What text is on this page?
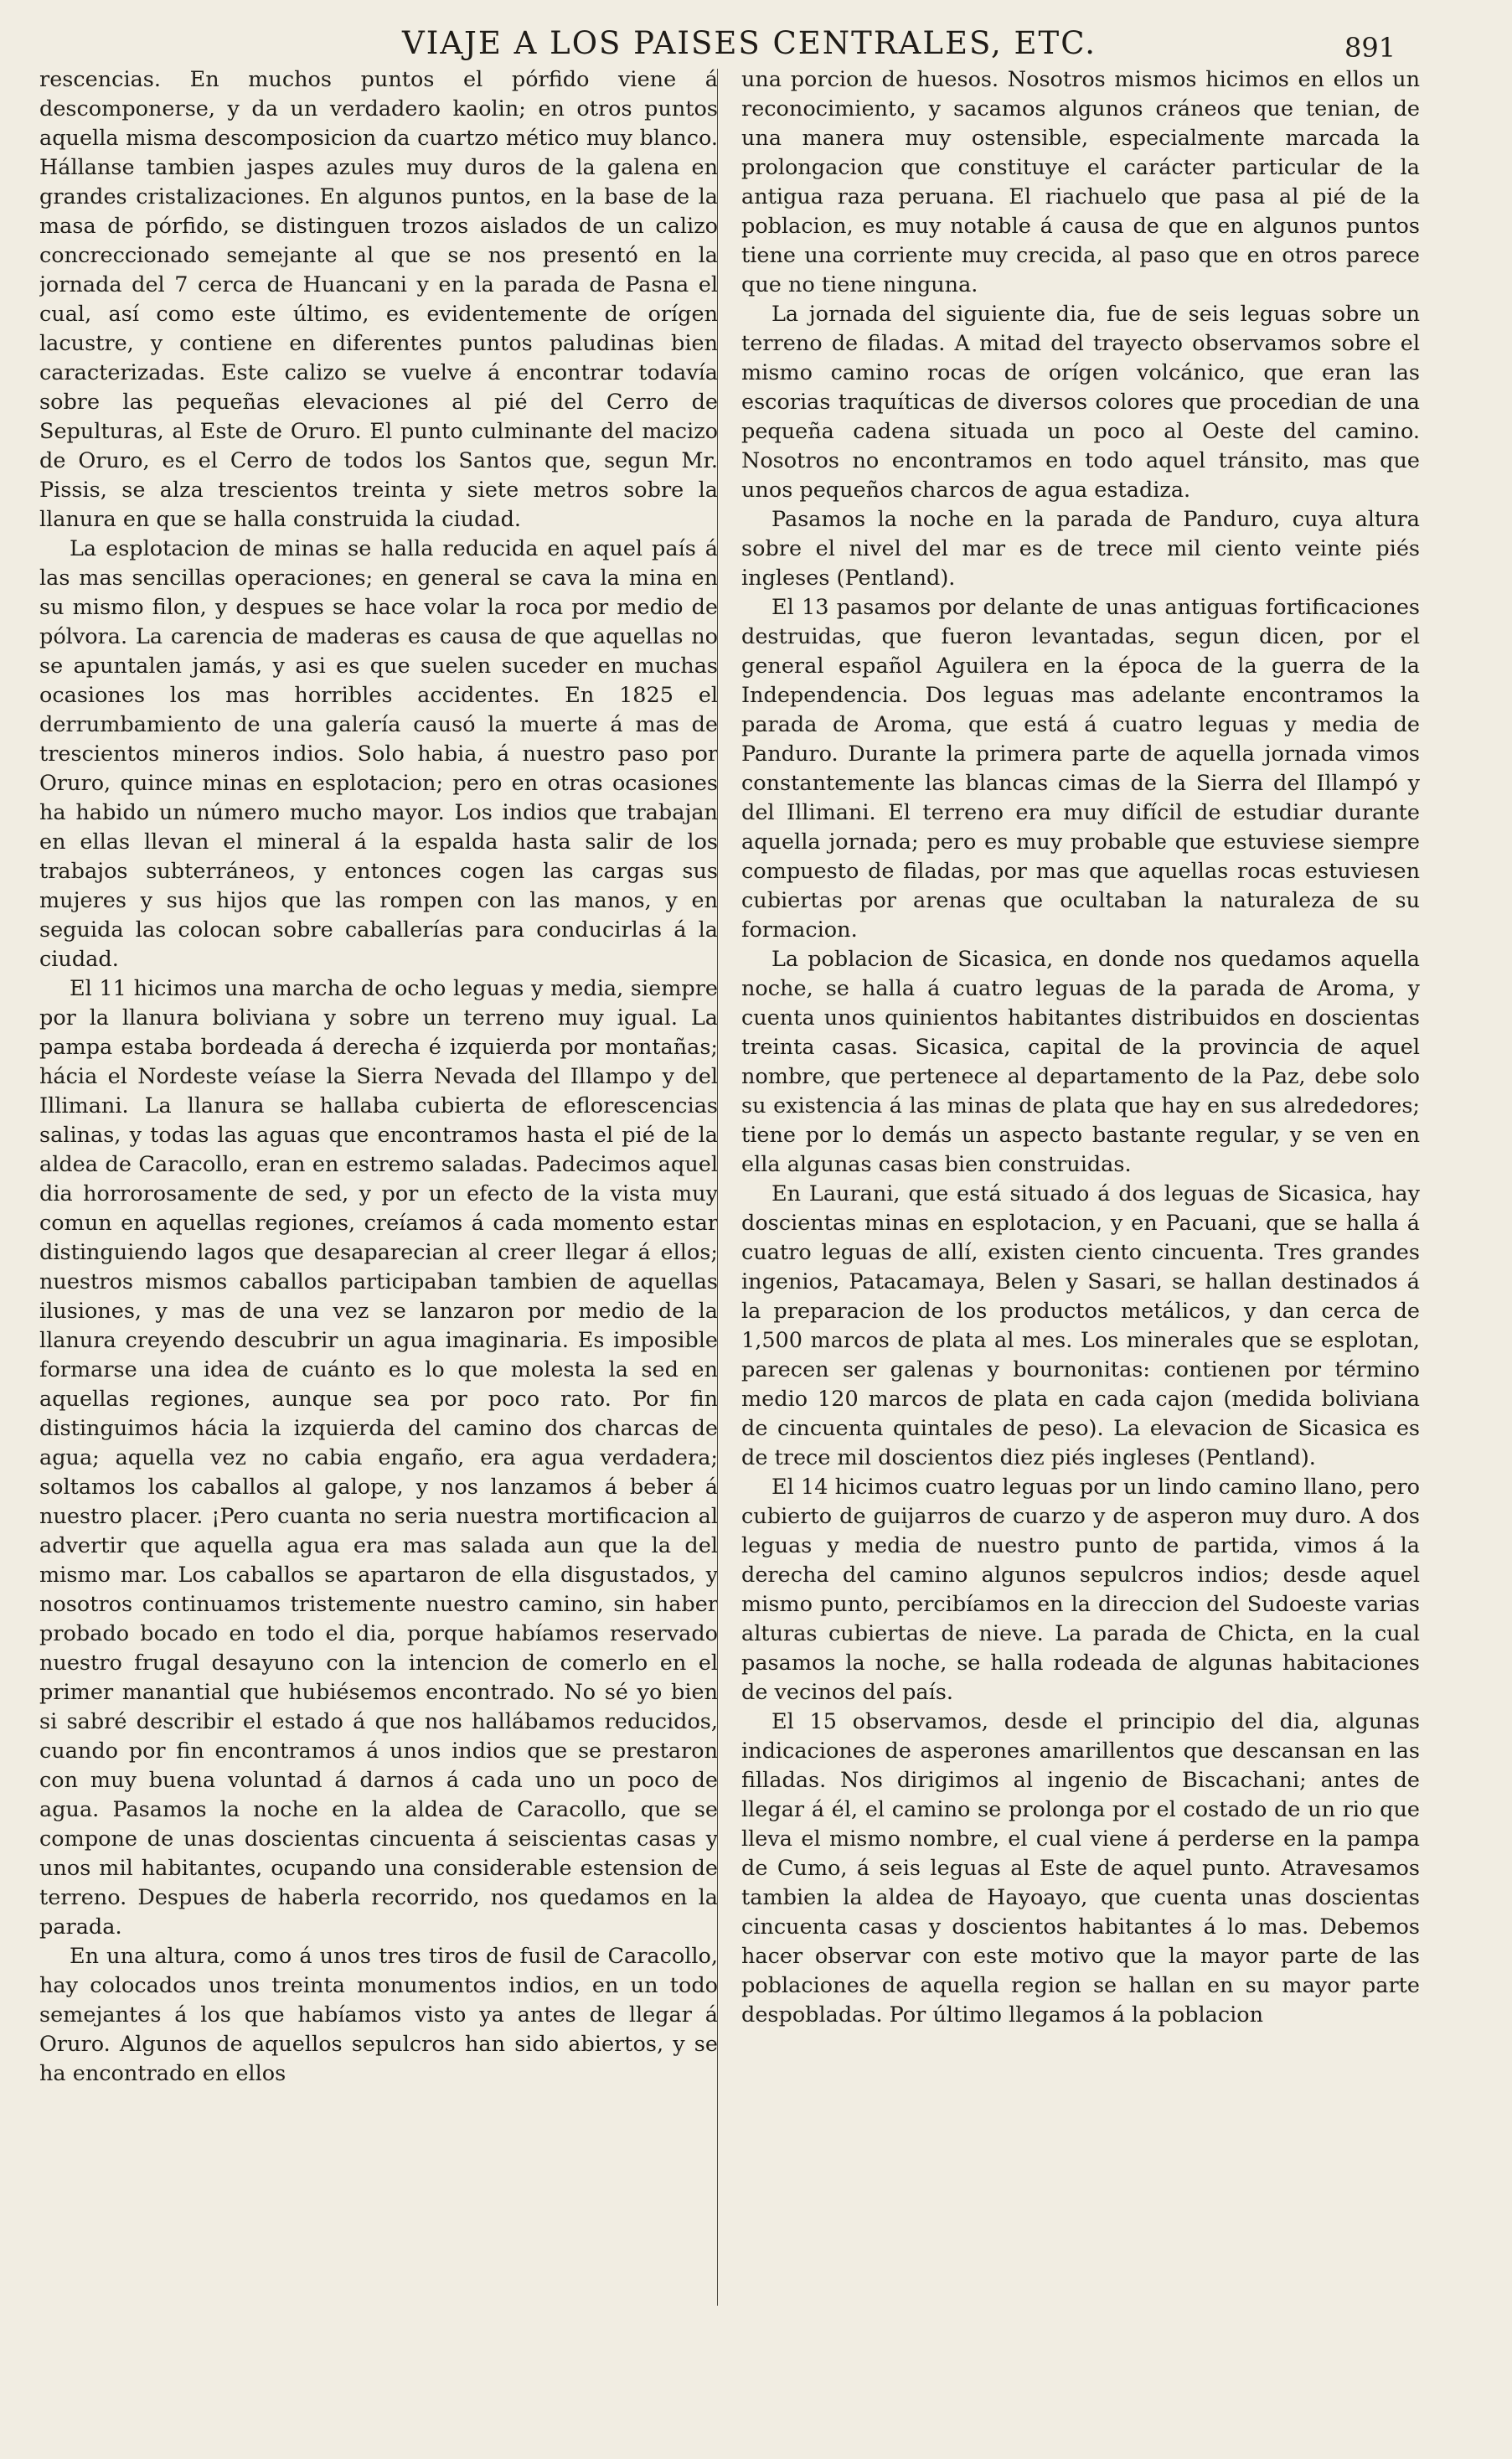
VIAJE A LOS PAISES CENTRALES, ETC.	891

rescencias. En muchos puntos el pórfido viene á descomponerse, y da un verdadero kaolin; en otros puntos aquella misma descomposicion da cuartzo mético muy blanco. Hállanse tambien jaspes azules muy duros de la galena en grandes cristalizaciones. En algunos puntos, en la base de la masa de pórfido, se distinguen trozos aislados de un calizo concreccionado semejante al que se nos presentó en la jornada del 7 cerca de Huancani y en la parada de Pasna el cual, así como este último, es evidentemente de orígen lacustre, y contiene en diferentes puntos paludinas bien caracterizadas. Este calizo se vuelve á encontrar todavía sobre las pequeñas elevaciones al pié del Cerro de Sepulturas, al Este de Oruro. El punto culminante del macizo de Oruro, es el Cerro de todos los Santos que, segun Mr. Pissis, se alza trescientos treinta y siete metros sobre la llanura en que se halla construida la ciudad.

La esplotacion de minas se halla reducida en aquel país á las mas sencillas operaciones; en general se cava la mina en su mismo filon, y despues se hace volar la roca por medio de pólvora. La carencia de maderas es causa de que aquellas no se apuntalen jamás, y asi es que suelen suceder en muchas ocasiones los mas horribles accidentes. En 1825 el derrumbamiento de una galería causó la muerte á mas de trescientos mineros indios. Solo habia, á nuestro paso por Oruro, quince minas en esplotacion; pero en otras ocasiones ha habido un número mucho mayor. Los indios que trabajan en ellas llevan el mineral á la espalda hasta salir de los trabajos subterráneos, y entonces cogen las cargas sus mujeres y sus hijos que las rompen con las manos, y en seguida las colocan sobre caballerías para conducirlas á la ciudad.

El 11 hicimos una marcha de ocho leguas y media, siempre por la llanura boliviana y sobre un terreno muy igual. La pampa estaba bordeada á derecha é izquierda por montañas; hácia el Nordeste veíase la Sierra Nevada del Illampo y del Illimani. La llanura se hallaba cubierta de eflorescencias salinas, y todas las aguas que encontramos hasta el pié de la aldea de Caracollo, eran en estremo saladas. Padecimos aquel dia horrorosamente de sed, y por un efecto de la vista muy comun en aquellas regiones, creíamos á cada momento estar distinguiendo lagos que desaparecian al creer llegar á ellos; nuestros mismos caballos participaban tambien de aquellas ilusiones, y mas de una vez se lanzaron por medio de la llanura creyendo descubrir un agua imaginaria. Es imposible formarse una idea de cuánto es lo que molesta la sed en aquellas regiones, aunque sea por poco rato. Por fin distinguimos hácia la izquierda del camino dos charcas de agua; aquella vez no cabia engaño, era agua verdadera; soltamos los caballos al galope, y nos lanzamos á beber á nuestro placer. ¡Pero cuanta no seria nuestra mortificacion al advertir que aquella agua era mas salada aun que la del mismo mar. Los caballos se apartaron de ella disgustados, y nosotros continuamos tristemente nuestro camino, sin haber probado bocado en todo el dia, porque habíamos reservado nuestro frugal desayuno con la intencion de comerlo en el primer manantial que hubiésemos encontrado. No sé yo bien si sabré describir el estado á que nos hallábamos reducidos, cuando por fin encontramos á unos indios que se prestaron con muy buena voluntad á darnos á cada uno un poco de agua. Pasamos la noche en la aldea de Caracollo, que se compone de unas doscientas cincuenta á seiscientas casas y unos mil habitantes, ocupando una considerable estension de terreno. Despues de haberla recorrido, nos quedamos en la parada.

En una altura, como á unos tres tiros de fusil de Caracollo, hay colocados unos treinta monumentos indios, en un todo semejantes á los que habíamos visto ya antes de llegar á Oruro. Algunos de aquellos sepulcros han sido abiertos, y se ha encontrado en ellos

una porcion de huesos. Nosotros mismos hicimos en ellos un reconocimiento, y sacamos algunos cráneos que tenian, de una manera muy ostensible, especialmente marcada la prolongacion que constituye el carácter particular de la antigua raza peruana. El riachuelo que pasa al pié de la poblacion, es muy notable á causa de que en algunos puntos tiene una corriente muy crecida, al paso que en otros parece que no tiene ninguna.

La jornada del siguiente dia, fue de seis leguas sobre un terreno de filadas. A mitad del trayecto observamos sobre el mismo camino rocas de orígen volcánico, que eran las escorias traquíticas de diversos colores que procedian de una pequeña cadena situada un poco al Oeste del camino. Nosotros no encontramos en todo aquel tránsito, mas que unos pequeños charcos de agua estadiza.

Pasamos la noche en la parada de Panduro, cuya altura sobre el nivel del mar es de trece mil ciento veinte piés ingleses (Pentland).

El 13 pasamos por delante de unas antiguas fortificaciones destruidas, que fueron levantadas, segun dicen, por el general español Aguilera en la época de la guerra de la Independencia. Dos leguas mas adelante encontramos la parada de Aroma, que está á cuatro leguas y media de Panduro. Durante la primera parte de aquella jornada vimos constantemente las blancas cimas de la Sierra del Illampó y del Illimani. El terreno era muy difícil de estudiar durante aquella jornada; pero es muy probable que estuviese siempre compuesto de filadas, por mas que aquellas rocas estuviesen cubiertas por arenas que ocultaban la naturaleza de su formacion.

La poblacion de Sicasica, en donde nos quedamos aquella noche, se halla á cuatro leguas de la parada de Aroma, y cuenta unos quinientos habitantes distribuidos en doscientas treinta casas. Sicasica, capital de la provincia de aquel nombre, que pertenece al departamento de la Paz, debe solo su existencia á las minas de plata que hay en sus alrededores; tiene por lo demás un aspecto bastante regular, y se ven en ella algunas casas bien construidas.

En Laurani, que está situado á dos leguas de Sicasica, hay doscientas minas en esplotacion, y en Pacuani, que se halla á cuatro leguas de allí, existen ciento cincuenta. Tres grandes ingenios, Patacamaya, Belen y Sasari, se hallan destinados á la preparacion de los productos metálicos, y dan cerca de 1,500 marcos de plata al mes. Los minerales que se esplotan, parecen ser galenas y bournonitas: contienen por término medio 120 marcos de plata en cada cajon (medida boliviana de cincuenta quintales de peso). La elevacion de Sicasica es de trece mil doscientos diez piés ingleses (Pentland).

El 14 hicimos cuatro leguas por un lindo camino llano, pero cubierto de guijarros de cuarzo y de asperon muy duro. A dos leguas y media de nuestro punto de partida, vimos á la derecha del camino algunos sepulcros indios; desde aquel mismo punto, percibíamos en la direccion del Sudoeste varias alturas cubiertas de nieve. La parada de Chicta, en la cual pasamos la noche, se halla rodeada de algunas habitaciones de vecinos del país.

El 15 observamos, desde el principio del dia, algunas indicaciones de asperones amarillentos que descansan en las filladas. Nos dirigimos al ingenio de Biscachani; antes de llegar á él, el camino se prolonga por el costado de un rio que lleva el mismo nombre, el cual viene á perderse en la pampa de Cumo, á seis leguas al Este de aquel punto. Atravesamos tambien la aldea de Hayoayo, que cuenta unas doscientas cincuenta casas y doscientos habitantes á lo mas. Debemos hacer observar con este motivo que la mayor parte de las poblaciones de aquella region se hallan en su mayor parte despobladas. Por último llegamos á la poblacion
